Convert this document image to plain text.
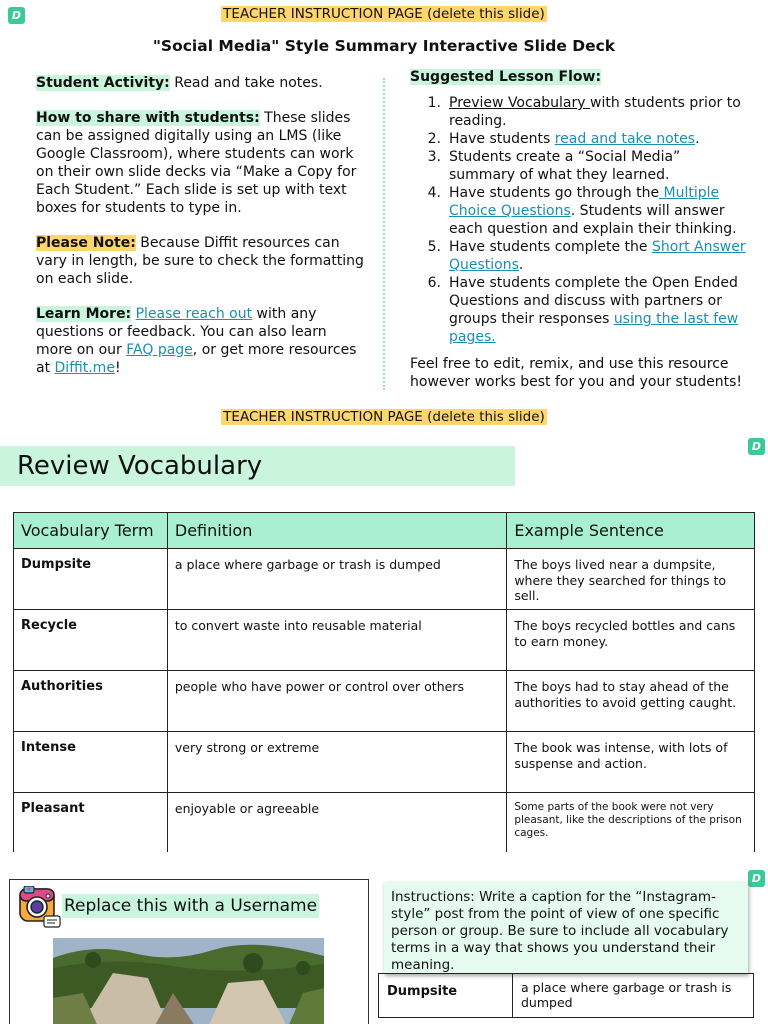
D	TEACHER INSTRUCTION PAGE (delete this slide)
"Social Media" Style Summary Interactive Slide Deck

Student Activity: Read and take notes.

How to share with students: These slides can be assigned digitally using an LMS (like Google Classroom), where students can work on their own slide decks via “Make a Copy for Each Student.” Each slide is set up with text boxes for students to type in.

Please Note: Because Diffit resources can vary in length, be sure to check the formatting on each slide.

Learn More: Please reach out with any questions or feedback. You can also learn more on our FAQ page, or get more resources at Diffit.me!

Suggested Lesson Flow:
1. Preview Vocabulary with students prior to reading.
2. Have students read and take notes.
3. Students create a “Social Media” summary of what they learned.
4. Have students go through the Multiple Choice Questions. Students will answer each question and explain their thinking.
5. Have students complete the Short Answer Questions.
6. Have students complete the Open Ended Questions and discuss with partners or groups their responses using the last few pages.
Feel free to edit, remix, and use this resource however works best for you and your students!
TEACHER INSTRUCTION PAGE (delete this slide)
D
Review Vocabulary
Vocabulary Term	Definition	Example Sentence
Dumpsite	a place where garbage or trash is dumped	The boys lived near a dumpsite, where they searched for things to sell.
Recycle	to convert waste into reusable material	The boys recycled bottles and cans to earn money.
Authorities	people who have power or control over others	The boys had to stay ahead of the authorities to avoid getting caught.
Intense	very strong or extreme	The book was intense, with lots of suspense and action.
Pleasant	enjoyable or agreeable	Some parts of the book were not very pleasant, like the descriptions of the prison cages.
D
Replace this with a Username	Instructions: Write a caption for the “Instagram-style” post from the point of view of one specific person or group. Be sure to include all vocabulary terms in a way that shows you understand their meaning.
Dumpsite	a place where garbage or trash is dumped
